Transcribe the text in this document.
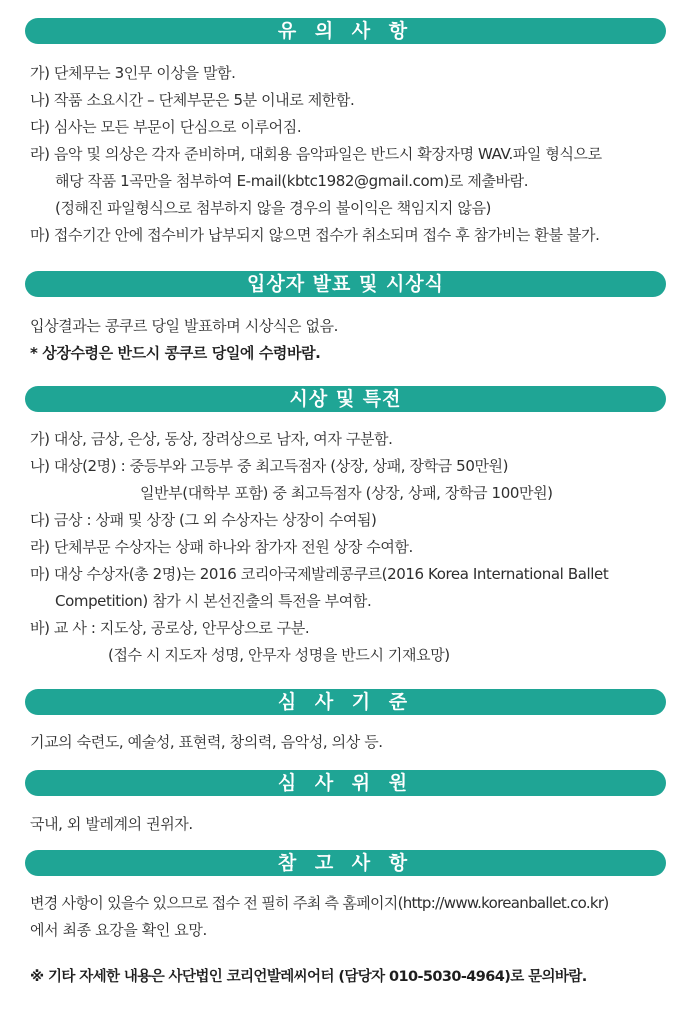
유 의 사 항
가) 단체무는 3인무 이상을 말함.
나) 작품 소요시간 – 단체부문은 5분 이내로 제한함.
다) 심사는 모든 부문이 단심으로 이루어짐.
라) 음악 및 의상은 각자 준비하며, 대회용 음악파일은 반드시 확장자명 WAV.파일 형식으로
해당 작품 1곡만을 첨부하여 E-mail(kbtc1982@gmail.com)로 제출바람.
(정해진 파일형식으로 첨부하지 않을 경우의 불이익은 책임지지 않음)
마) 접수기간 안에 접수비가 납부되지 않으면 접수가 취소되며 접수 후 참가비는 환불 불가.
입상자 발표 및 시상식
입상결과는 콩쿠르 당일 발표하며 시상식은 없음.
* 상장수령은 반드시 콩쿠르 당일에 수령바람.
시상 및 특전
가) 대상, 금상, 은상, 동상, 장려상으로 남자, 여자 구분함.
나) 대상(2명) : 중등부와 고등부 중 최고득점자 (상장, 상패, 장학금 50만원)
일반부(대학부 포함) 중 최고득점자 (상장, 상패, 장학금 100만원)
다) 금상 : 상패 및 상장 (그 외 수상자는 상장이 수여됨)
라) 단체부문 수상자는 상패 하나와 참가자 전원 상장 수여함.
마) 대상 수상자(총 2명)는 2016 코리아국제발레콩쿠르(2016 Korea International Ballet
Competition) 참가 시 본선진출의 특전을 부여함.
바) 교 사 : 지도상, 공로상, 안무상으로 구분.
(접수 시 지도자 성명, 안무자 성명을 반드시 기재요망)
심 사 기 준
기교의 숙련도, 예술성, 표현력, 창의력, 음악성, 의상 등.
심 사 위 원
국내, 외 발레계의 권위자.
참 고 사 항
변경 사항이 있을수 있으므로 접수 전 필히 주최 측 홈페이지(http://www.koreanballet.co.kr)
에서 최종 요강을 확인 요망.
※ 기타 자세한 내용은 사단법인 코리언발레씨어터 (담당자 010-5030-4964)로 문의바람.
